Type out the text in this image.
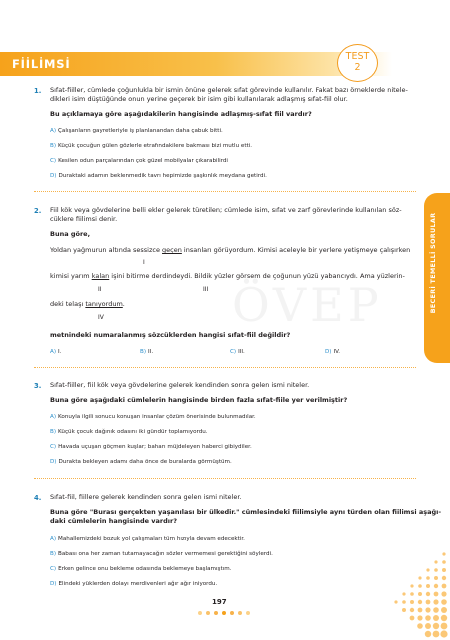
FİİLİMSİ
TEST
2
BECERİ TEMELLİ SORULAR
ÖVEP
1. Sıfat-fiiller, cümlede çoğunlukla bir ismin önüne gelerek sıfat görevinde kullanılır. Fakat bazı örneklerde nitele-
dikleri isim düştüğünde onun yerine geçerek bir isim gibi kullanılarak adlaşmış sıfat-fiil olur.
Bu açıklamaya göre aşağıdakilerin hangisinde adlaşmış-sıfat fiil vardır?
A) Çalışanların gayretleriyle iş planlanandan daha çabuk bitti.
B) Küçük çocuğun gülen gözlerle etrafındakilere bakması bizi mutlu etti.
C) Kesilen odun parçalarından çok güzel mobilyalar çıkarabilirdi
D) Duraktaki adamın beklenmedik tavrı hepimizde şaşkınlık meydana getirdi.
2. Fiil kök veya gövdelerine belli ekler gelerek türetilen; cümlede isim, sıfat ve zarf görevlerinde kullanılan söz-
cüklere fiilimsi denir.
Buna göre,
Yoldan yağmurun altında sessizce geçen insanları görüyordum. Kimisi aceleyle bir yerlere yetişmeye çalışırken
I
kimisi yarım kalan işini bitirme derdindeydi. Bildik yüzler görsem de çoğunun yüzü yabancıydı. Ama yüzlerin-
II	III
deki telaşı tanıyordum.
IV
metnindeki numaralanmış sözcüklerden hangisi sıfat-fiil değildir?
A) I.	B) II.	C) III.	D) IV.
3. Sıfat-fiiller, fiil kök veya gövdelerine gelerek kendinden sonra gelen ismi niteler.
Buna göre aşağıdaki cümlelerin hangisinde birden fazla sıfat-fiile yer verilmiştir?
A) Konuyla ilgili sonucu konuşan insanlar çözüm önerisinde bulunmadılar.
B) Küçük çocuk dağınık odasını iki gündür toplamıyordu.
C) Havada uçuşan göçmen kuşlar; baharı müjdeleyen haberci gibiydiler.
D) Durakta bekleyen adamı daha önce de buralarda görmüştüm.
4. Sıfat-fiil, fiillere gelerek kendinden sonra gelen ismi niteler.
Buna göre "Burası gerçekten yaşanılası bir ülkedir." cümlesindeki fiilimsiyle aynı türden olan fiilimsi aşağı-
daki cümlelerin hangisinde vardır?
A) Mahallemizdeki bozuk yol çalışmaları tüm hızıyla devam edecektir.
B) Babası ona her zaman tutamayacağın sözler vermemesi gerektiğini söylerdi.
C) Erken gelince onu bekleme odasında beklemeye başlamıştım.
D) Elindeki yüklerden dolayı merdivenleri ağır ağır iniyordu.
197
